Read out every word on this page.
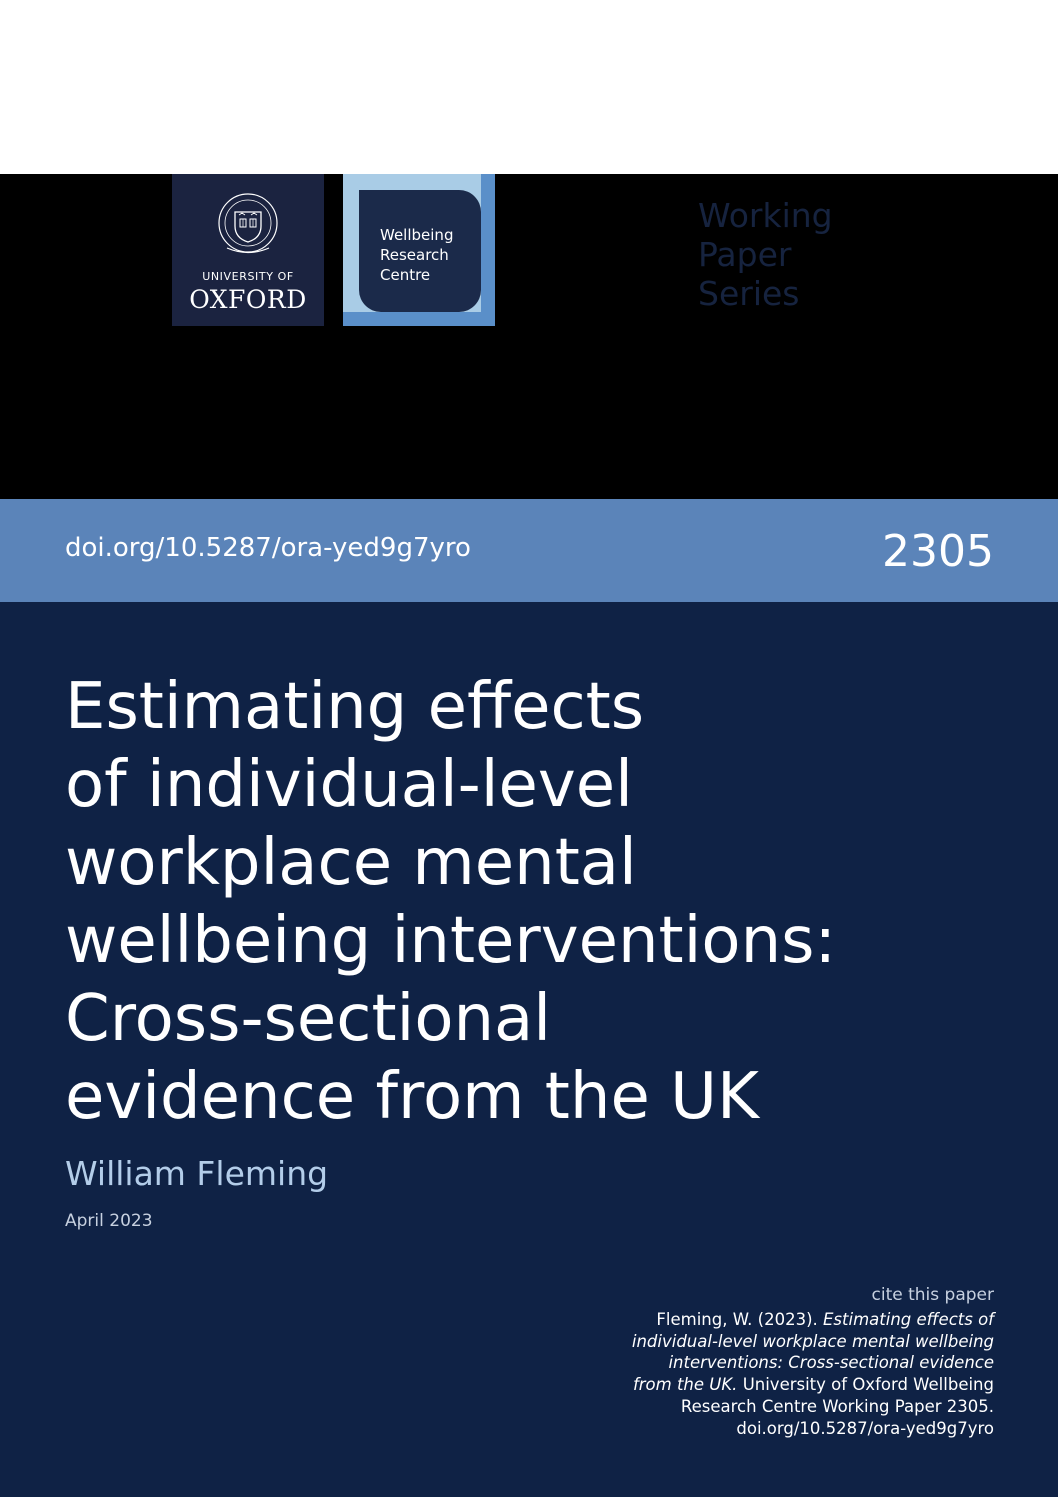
UNIVERSITY OF
OXFORD
Wellbeing
Research
Centre
Working
Paper
Series
doi.org/10.5287/ora-yed9g7yro	2305
Estimating effects
of individual-level
workplace mental
wellbeing interventions:
Cross-sectional
evidence from the UK
William Fleming
April 2023
cite this paper
Fleming, W. (2023). Estimating effects of
individual-level workplace mental wellbeing
interventions: Cross-sectional evidence
from the UK. University of Oxford Wellbeing
Research Centre Working Paper 2305.
doi.org/10.5287/ora-yed9g7yro
